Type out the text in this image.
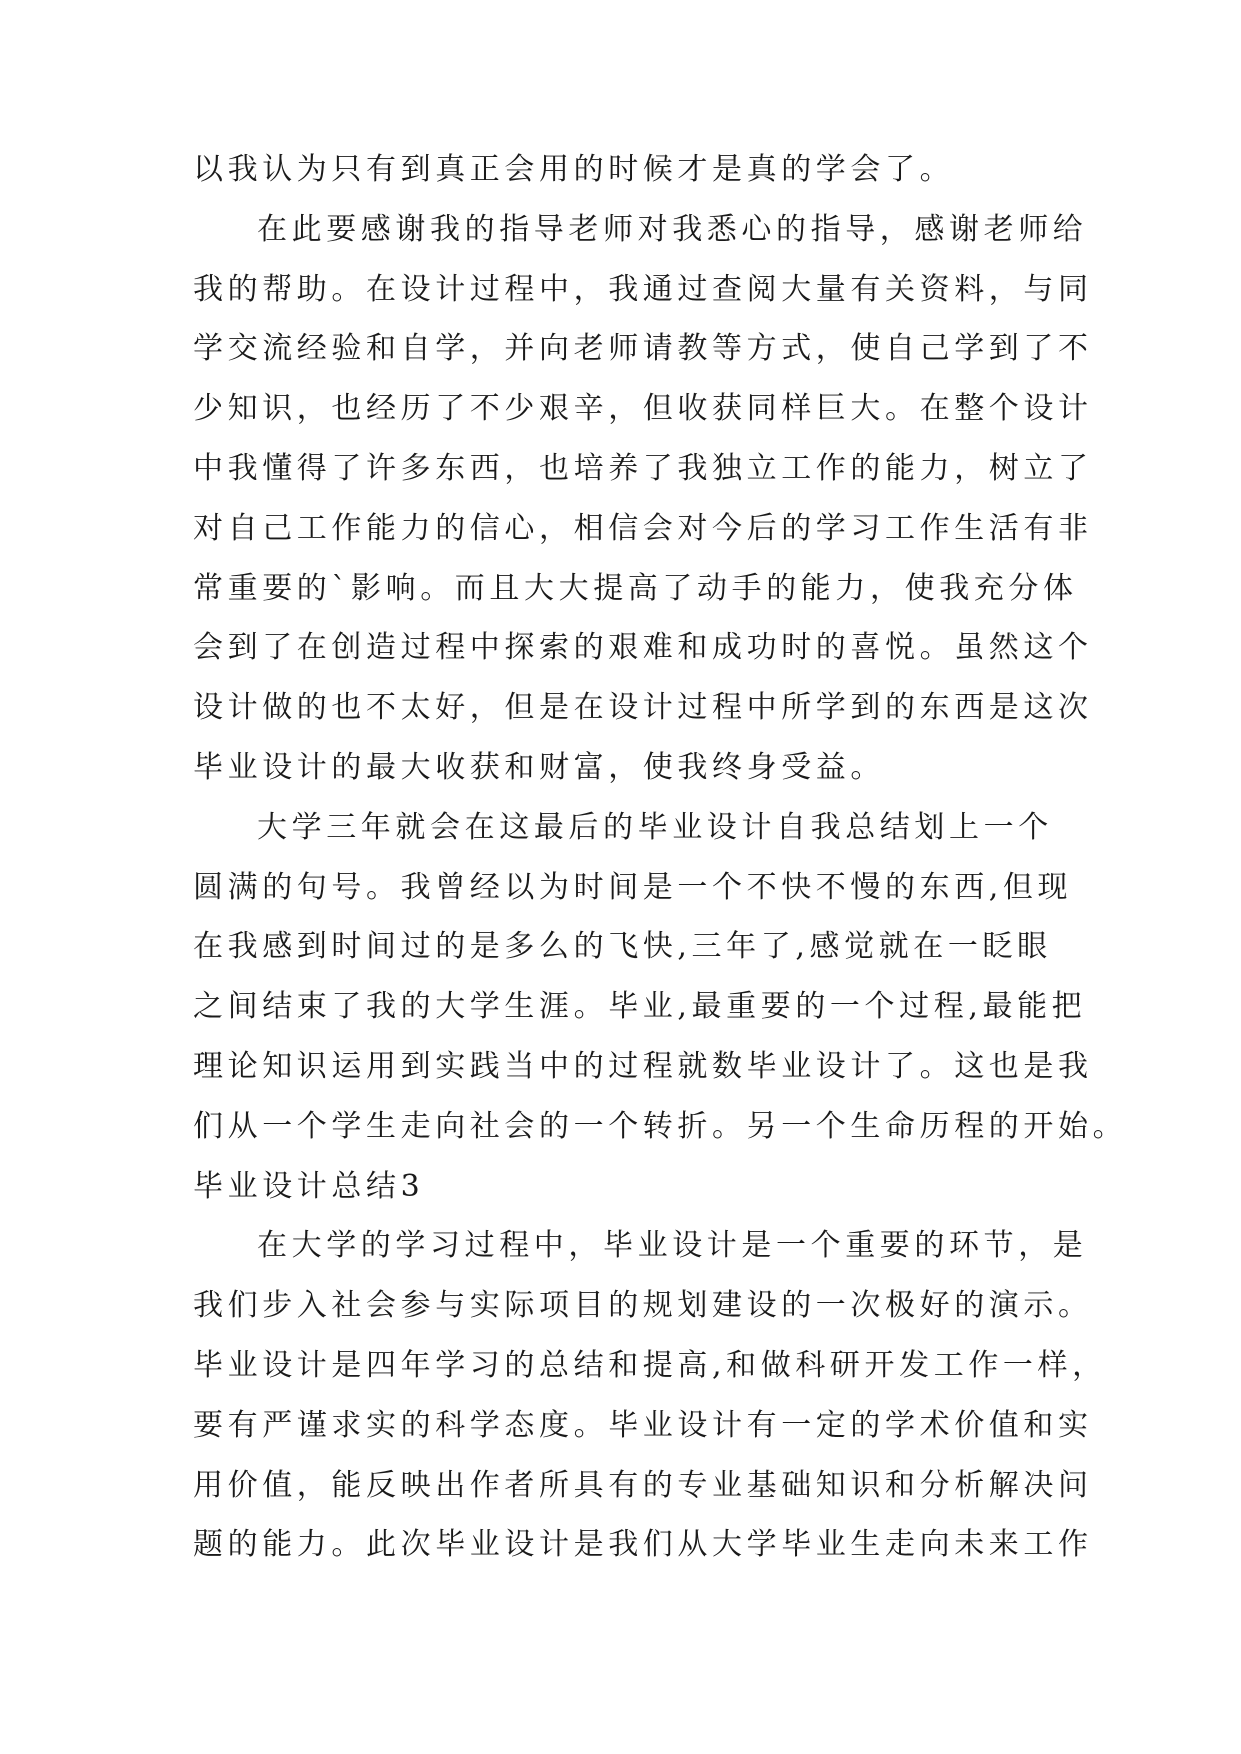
以我认为只有到真正会用的时候才是真的学会了。
在此要感谢我的指导老师对我悉心的指导，感谢老师给
我的帮助。在设计过程中，我通过查阅大量有关资料，与同
学交流经验和自学，并向老师请教等方式，使自己学到了不
少知识，也经历了不少艰辛，但收获同样巨大。在整个设计
中我懂得了许多东西，也培养了我独立工作的能力，树立了
对自己工作能力的信心，相信会对今后的学习工作生活有非
常重要的`影响。而且大大提高了动手的能力，使我充分体
会到了在创造过程中探索的艰难和成功时的喜悦。虽然这个
设计做的也不太好，但是在设计过程中所学到的东西是这次
毕业设计的最大收获和财富，使我终身受益。
大学三年就会在这最后的毕业设计自我总结划上一个
圆满的句号。我曾经以为时间是一个不快不慢的东西,但现
在我感到时间过的是多么的飞快,三年了,感觉就在一眨眼
之间结束了我的大学生涯。毕业,最重要的一个过程,最能把
理论知识运用到实践当中的过程就数毕业设计了。这也是我
们从一个学生走向社会的一个转折。另一个生命历程的开始。
毕业设计总结3
在大学的学习过程中，毕业设计是一个重要的环节，是
我们步入社会参与实际项目的规划建设的一次极好的演示。
毕业设计是四年学习的总结和提高,和做科研开发工作一样，
要有严谨求实的科学态度。毕业设计有一定的学术价值和实
用价值，能反映出作者所具有的专业基础知识和分析解决问
题的能力。此次毕业设计是我们从大学毕业生走向未来工作
